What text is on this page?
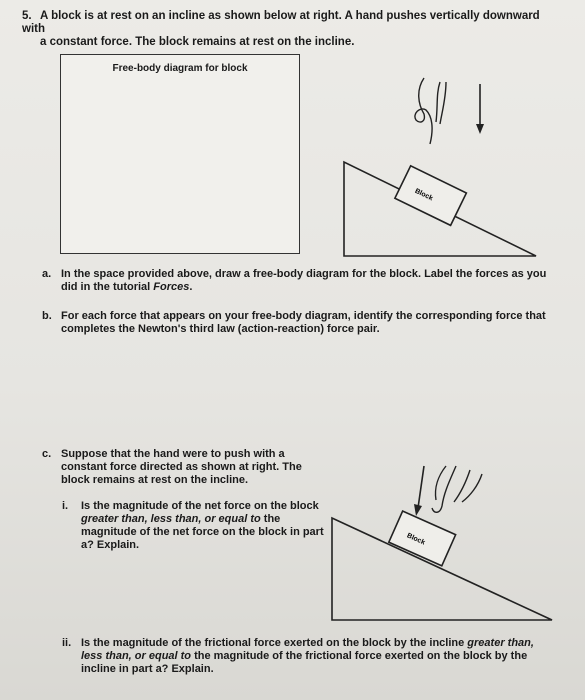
5. A block is at rest on an incline as shown below at right. A hand pushes vertically downward with
a constant force. The block remains at rest on the incline.
Free-body diagram for block
Block
a. In the space provided above, draw a free-body diagram for the block. Label the forces as you did in the tutorial Forces.
b. For each force that appears on your free-body diagram, identify the corresponding force that completes the Newton's third law (action-reaction) force pair.
c. Suppose that the hand were to push with a constant force directed as shown at right. The block remains at rest on the incline.
i.	Is the magnitude of the net force on the block greater than, less than, or equal to the magnitude of the net force on the block in part a? Explain.	Block
ii. Is the magnitude of the frictional force exerted on the block by the incline greater than, less than, or equal to the magnitude of the frictional force exerted on the block by the incline in part a? Explain.
